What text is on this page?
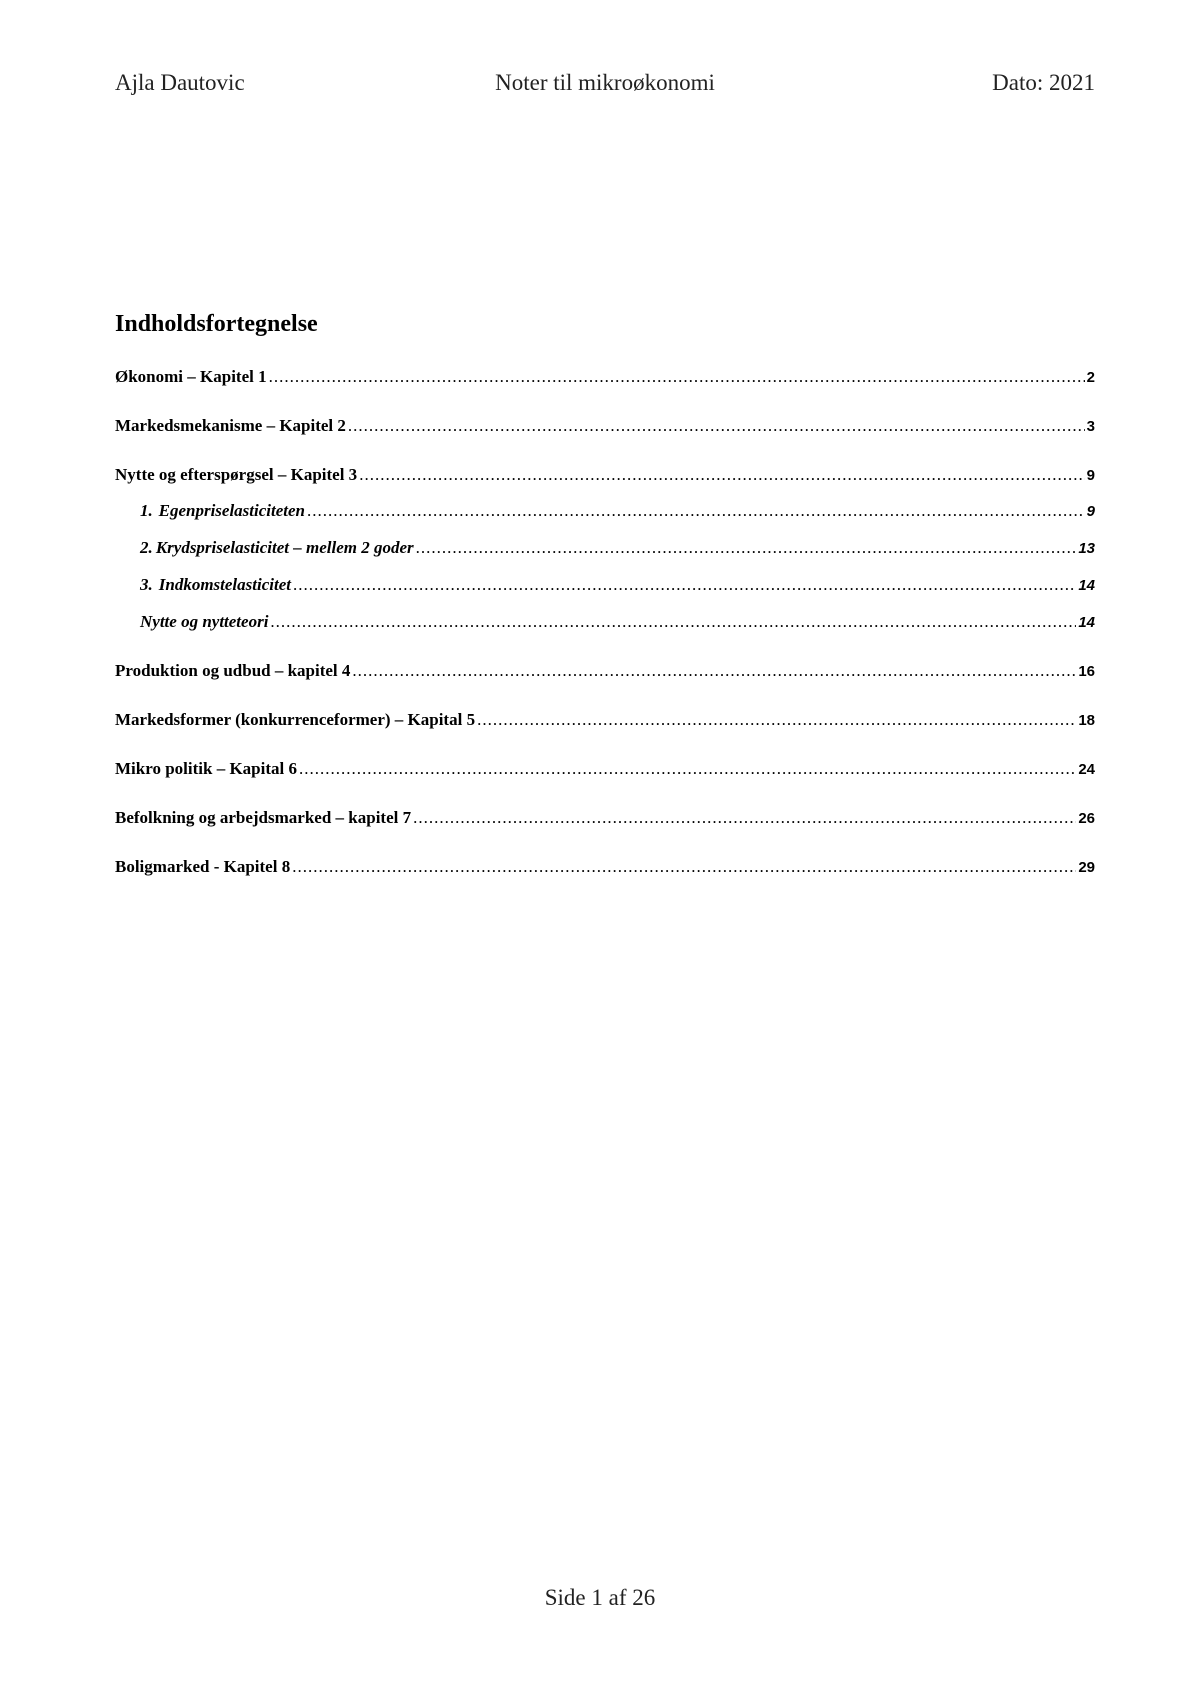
Ajla Dautovic	Noter til mikroøkonomi	Dato: 2021
Indholdsfortegnelse
Økonomi – Kapitel 1 .....	2
Markedsmekanisme – Kapitel 2 .....	3
Nytte og efterspørgsel – Kapitel 3 .....	9
1. Egenpriselasticiteten .....	9
2. Krydspriselasticitet – mellem 2 goder .....	13
3. Indkomstelasticitet .....	14
Nytte og nytteteori .....	14
Produktion og udbud – kapitel 4 .....	16
Markedsformer (konkurrenceformer) – Kapital 5 .....	18
Mikro politik – Kapital 6 .....	24
Befolkning og arbejdsmarked – kapitel 7 .....	26
Boligmarked - Kapitel 8 .....	29
Side 1 af 26
